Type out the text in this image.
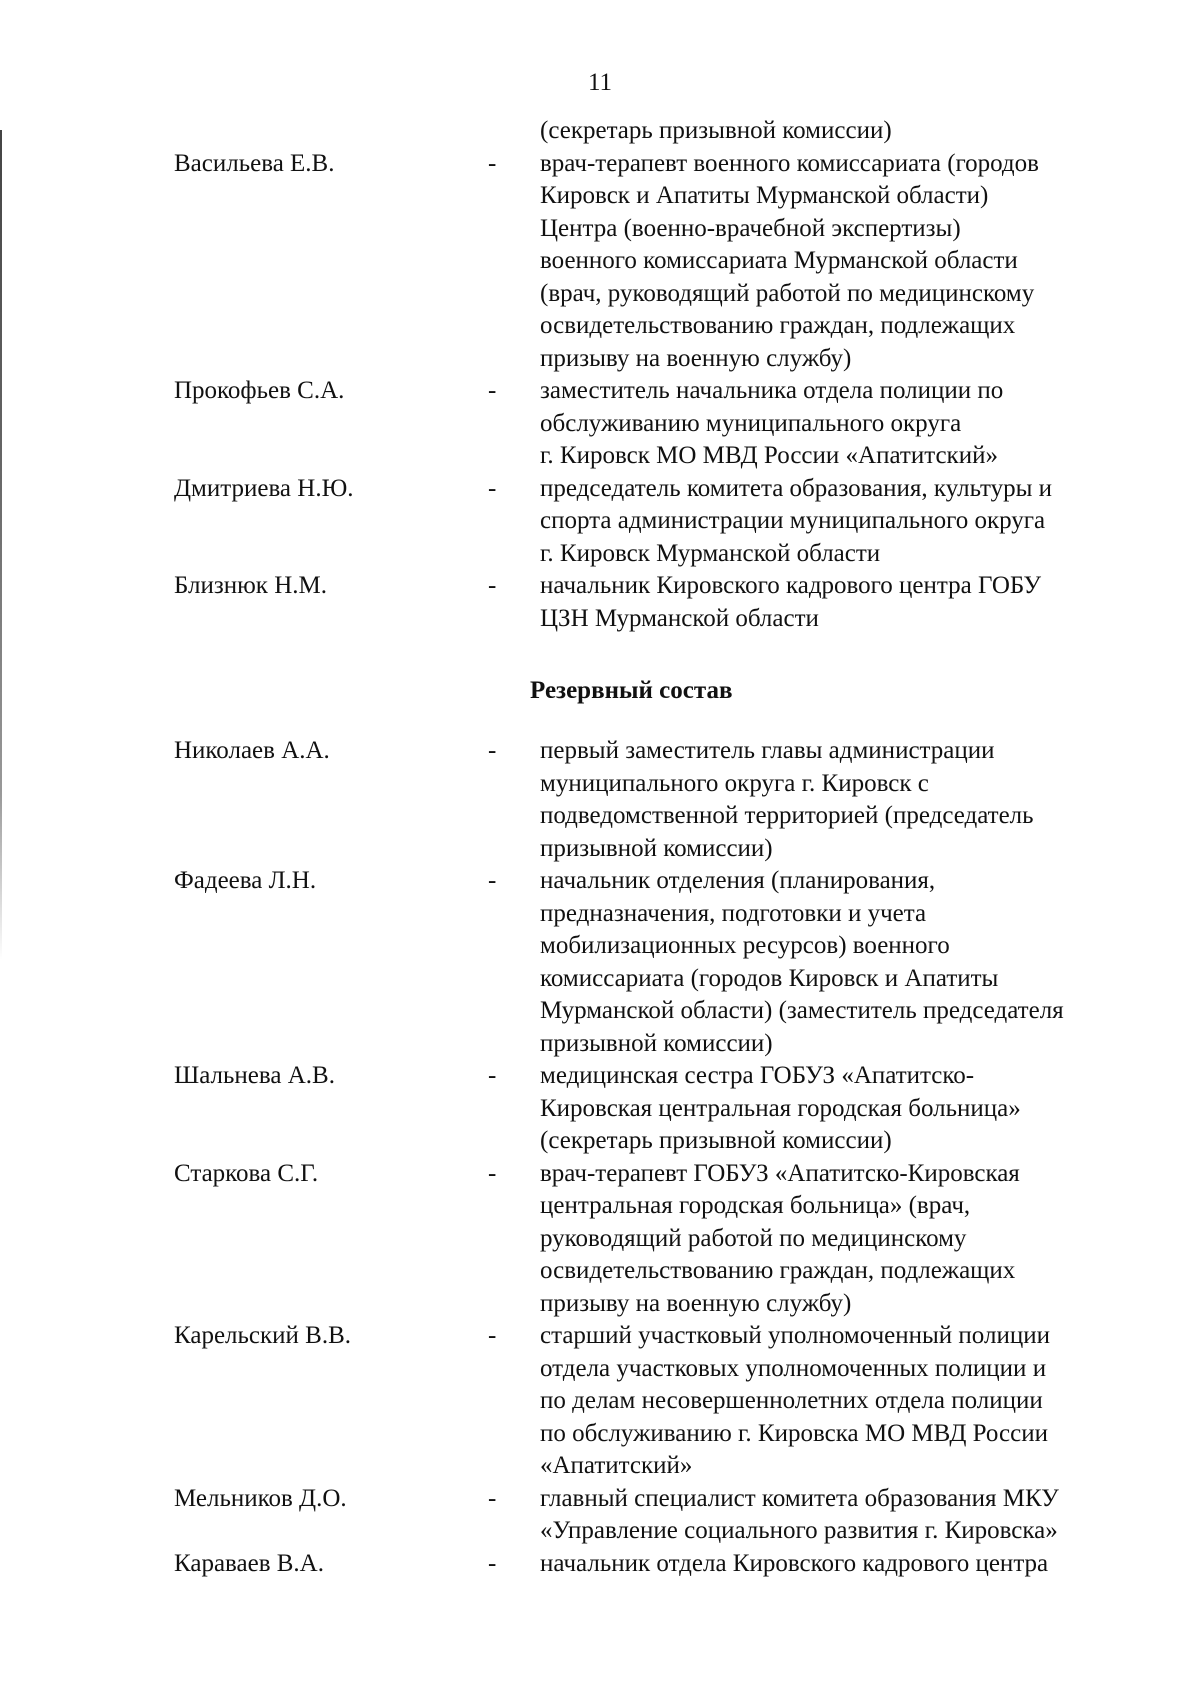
11
(секретарь призывной комиссии)
Васильева Е.В.	- врач-терапевт военного комиссариата (городов
Кировск и Апатиты Мурманской области)
Центра (военно-врачебной экспертизы)
военного комиссариата Мурманской области
(врач, руководящий работой по медицинскому
освидетельствованию граждан, подлежащих
призыву на военную службу)
Прокофьев С.А.	- заместитель начальника отдела полиции по
обслуживанию муниципального округа
г. Кировск МО МВД России «Апатитский»
Дмитриева Н.Ю.	- председатель комитета образования, культуры и
спорта администрации муниципального округа
г. Кировск Мурманской области
Близнюк Н.М.	- начальник Кировского кадрового центра ГОБУ
ЦЗН Мурманской области
Резервный состав
Николаев А.А.	- первый заместитель главы администрации
муниципального округа г. Кировск с
подведомственной территорией (председатель
призывной комиссии)
Фадеева Л.Н.	- начальник отделения (планирования,
предназначения, подготовки и учета
мобилизационных ресурсов) военного
комиссариата (городов Кировск и Апатиты
Мурманской области) (заместитель председателя
призывной комиссии)
Шальнева А.В.	- медицинская сестра ГОБУЗ «Апатитско-
Кировская центральная городская больница»
(секретарь призывной комиссии)
Старкова С.Г.	- врач-терапевт ГОБУЗ «Апатитско-Кировская
центральная городская больница» (врач,
руководящий работой по медицинскому
освидетельствованию граждан, подлежащих
призыву на военную службу)
Карельский В.В.	- старший участковый уполномоченный полиции
отдела участковых уполномоченных полиции и
по делам несовершеннолетних отдела полиции
по обслуживанию г. Кировска МО МВД России
«Апатитский»
Мельников Д.О.	- главный специалист комитета образования МКУ
«Управление социального развития г. Кировска»
Караваев В.А.	- начальник отдела Кировского кадрового центра
